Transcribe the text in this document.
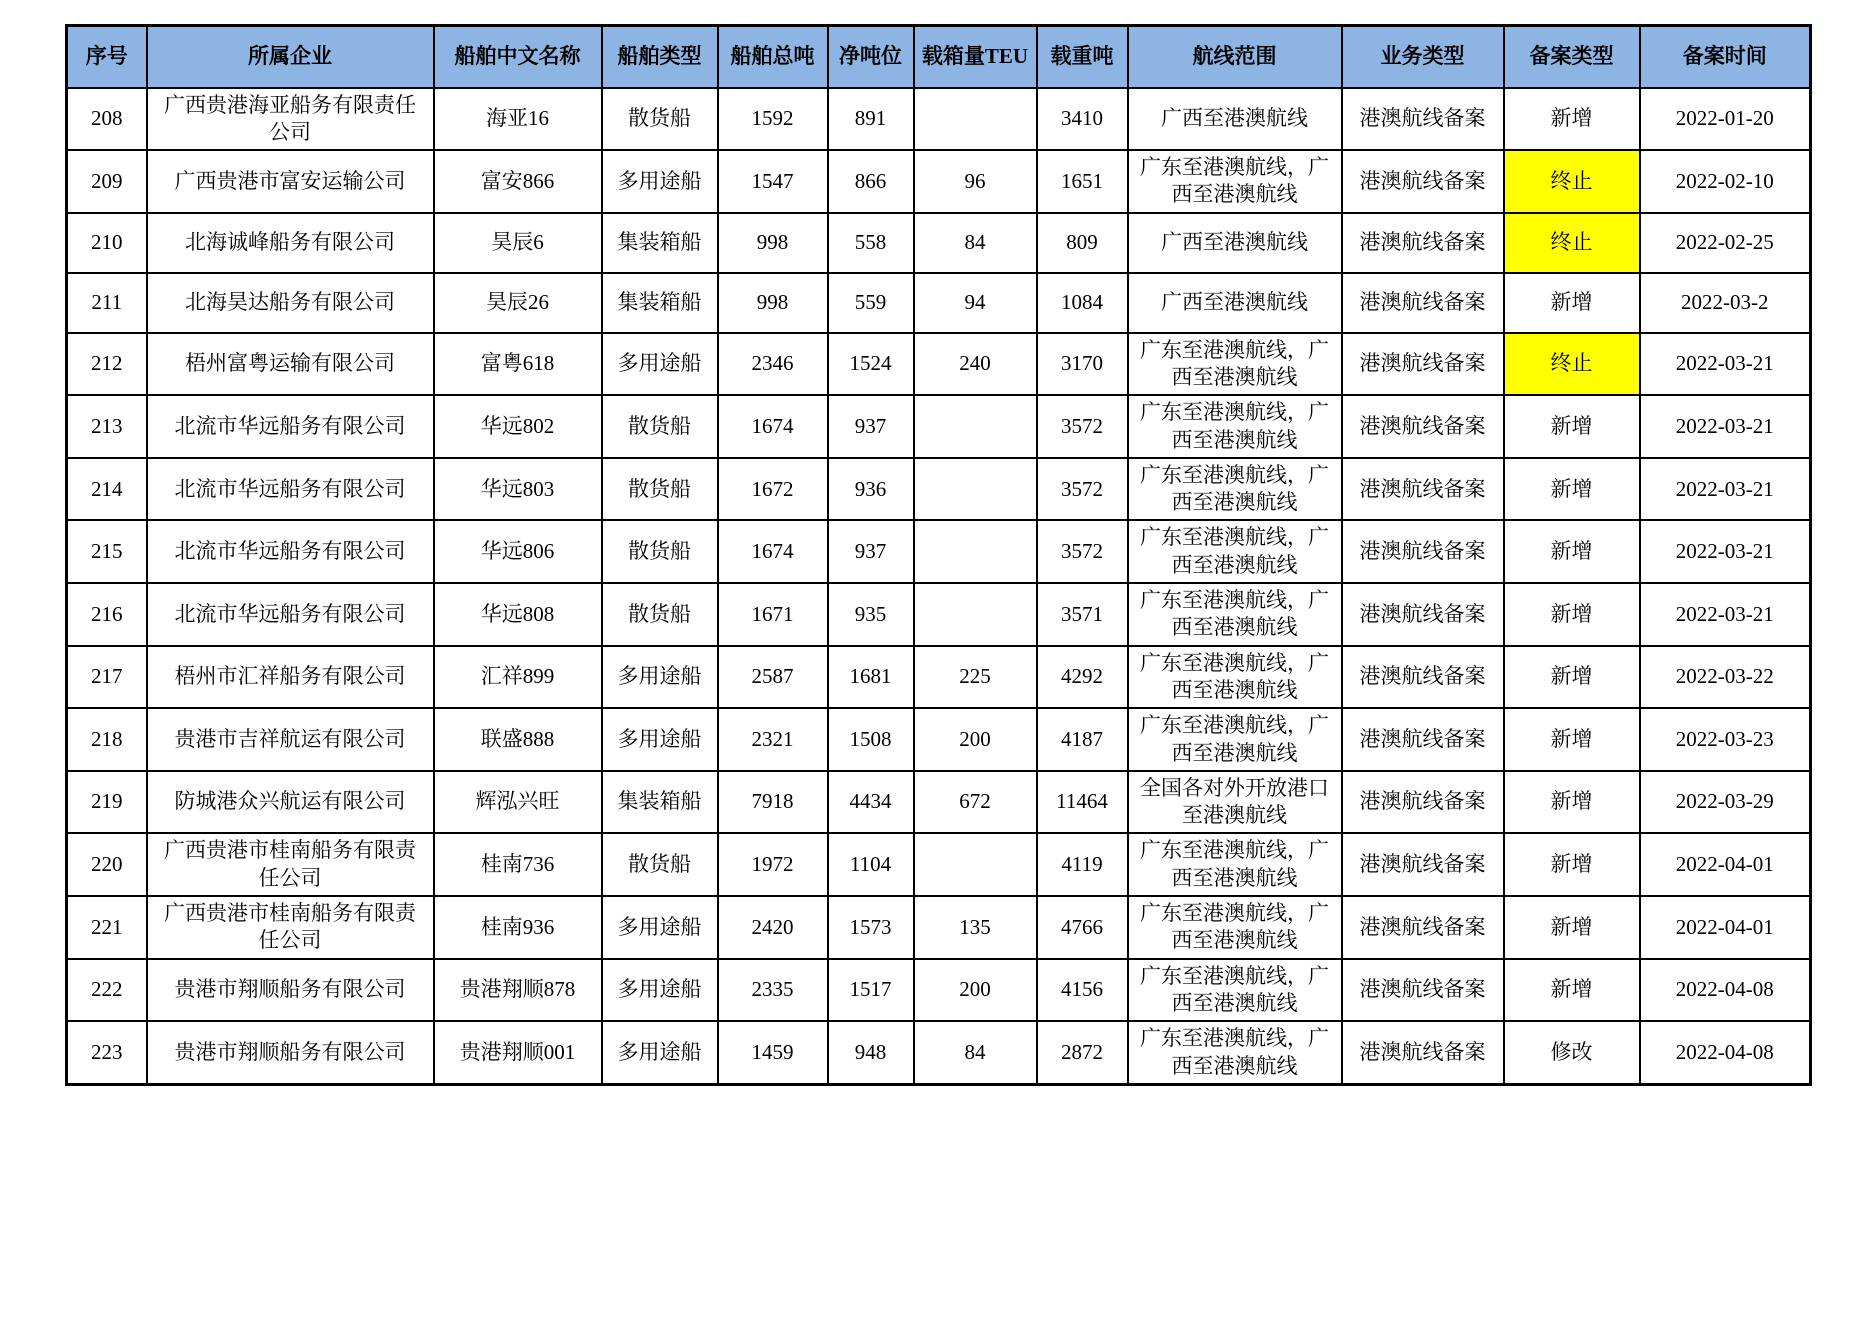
序号	所属企业	船舶中文名称	船舶类型	船舶总吨	净吨位	载箱量TEU	载重吨	航线范围	业务类型	备案类型	备案时间
208	广西贵港海亚船务有限责任公司	海亚16	散货船	1592	891		3410	广西至港澳航线	港澳航线备案	新增	2022-01-20
209	广西贵港市富安运输公司	富安866	多用途船	1547	866	96	1651	广东至港澳航线，广西至港澳航线	港澳航线备案	终止	2022-02-10
210	北海诚峰船务有限公司	昊辰6	集装箱船	998	558	84	809	广西至港澳航线	港澳航线备案	终止	2022-02-25
211	北海昊达船务有限公司	昊辰26	集装箱船	998	559	94	1084	广西至港澳航线	港澳航线备案	新增	2022-03-2
212	梧州富粤运输有限公司	富粤618	多用途船	2346	1524	240	3170	广东至港澳航线，广西至港澳航线	港澳航线备案	终止	2022-03-21
213	北流市华远船务有限公司	华远802	散货船	1674	937		3572	广东至港澳航线，广西至港澳航线	港澳航线备案	新增	2022-03-21
214	北流市华远船务有限公司	华远803	散货船	1672	936		3572	广东至港澳航线，广西至港澳航线	港澳航线备案	新增	2022-03-21
215	北流市华远船务有限公司	华远806	散货船	1674	937		3572	广东至港澳航线，广西至港澳航线	港澳航线备案	新增	2022-03-21
216	北流市华远船务有限公司	华远808	散货船	1671	935		3571	广东至港澳航线，广西至港澳航线	港澳航线备案	新增	2022-03-21
217	梧州市汇祥船务有限公司	汇祥899	多用途船	2587	1681	225	4292	广东至港澳航线，广西至港澳航线	港澳航线备案	新增	2022-03-22
218	贵港市吉祥航运有限公司	联盛888	多用途船	2321	1508	200	4187	广东至港澳航线，广西至港澳航线	港澳航线备案	新增	2022-03-23
219	防城港众兴航运有限公司	辉泓兴旺	集装箱船	7918	4434	672	11464	全国各对外开放港口至港澳航线	港澳航线备案	新增	2022-03-29
220	广西贵港市桂南船务有限责任公司	桂南736	散货船	1972	1104		4119	广东至港澳航线，广西至港澳航线	港澳航线备案	新增	2022-04-01
221	广西贵港市桂南船务有限责任公司	桂南936	多用途船	2420	1573	135	4766	广东至港澳航线，广西至港澳航线	港澳航线备案	新增	2022-04-01
222	贵港市翔顺船务有限公司	贵港翔顺878	多用途船	2335	1517	200	4156	广东至港澳航线，广西至港澳航线	港澳航线备案	新增	2022-04-08
223	贵港市翔顺船务有限公司	贵港翔顺001	多用途船	1459	948	84	2872	广东至港澳航线，广西至港澳航线	港澳航线备案	修改	2022-04-08
